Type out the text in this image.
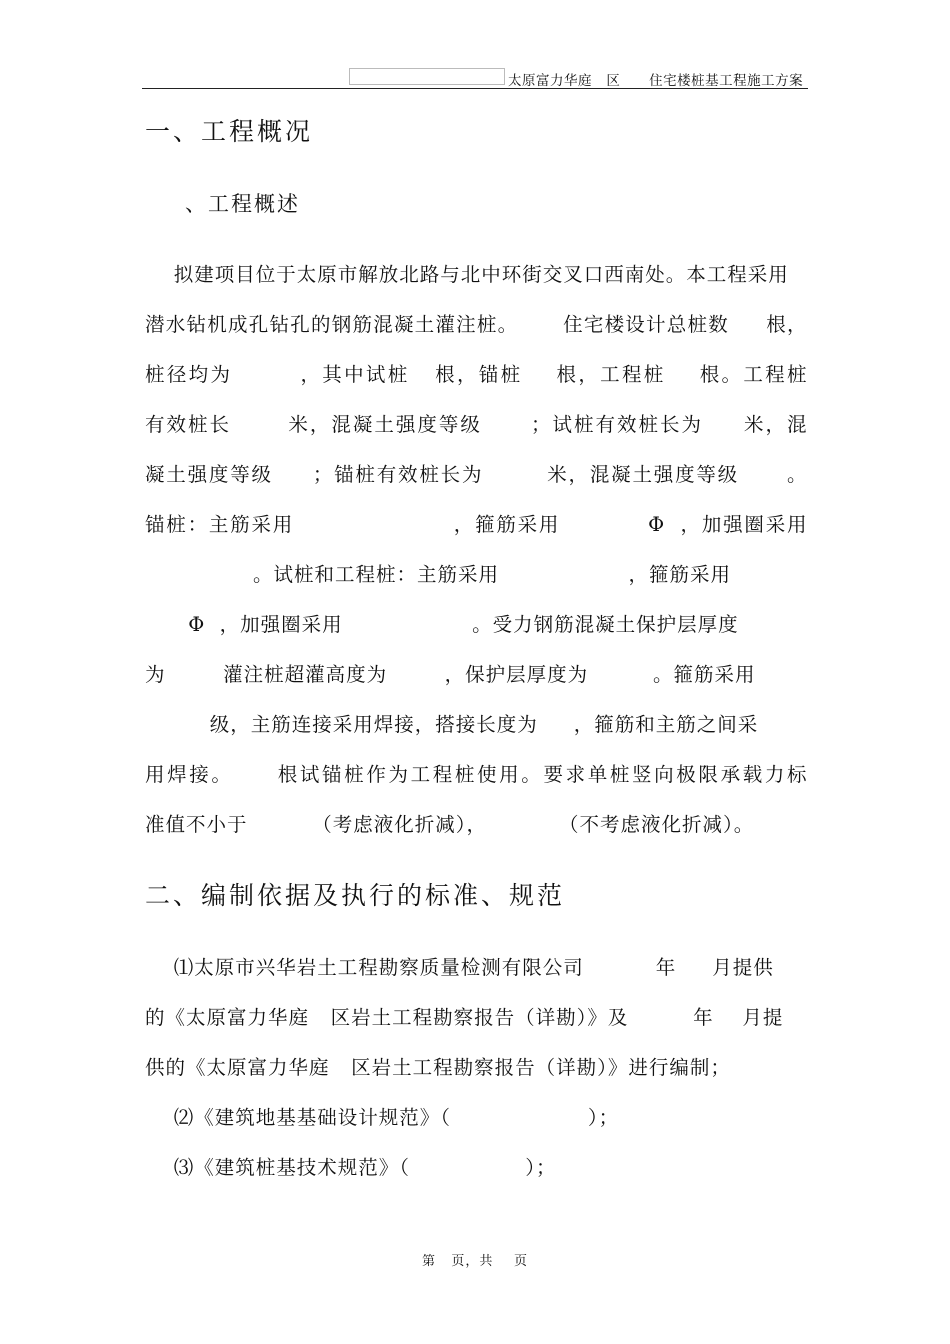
太原富力华庭   区      住宅楼桩基工程施工方案
一、工程概况
、工程概述
拟建项目位于太原市解放北路与北中环街交叉口西南处。本工程采用
潜水钻机成孔钻孔的钢筋混凝土灌注桩。      住宅楼设计总桩数     根，
桩径均为        ，其中试桩   根，锚桩    根，工程桩    根。工程桩
有效桩长       米，混凝土强度等级      ；试桩有效桩长为     米，混
凝土强度等级     ；锚桩有效桩长为        米，混凝土强度等级      。
锚桩：主筋采用                    ，箍筋采用           Φ  ，加强圈采用
。试桩和工程桩：主筋采用                  ，箍筋采用
Φ  ，加强圈采用                  。受力钢筋混凝土保护层厚度
为        灌注桩超灌高度为        ，保护层厚度为         。箍筋采用
级，主筋连接采用焊接，搭接长度为     ，箍筋和主筋之间采
用焊接。     根试锚桩作为工程桩使用。要求单桩竖向极限承载力标
准值不小于         （考虑液化折减），          （不考虑液化折减）。
二、编制依据及执行的标准、规范
⑴太原市兴华岩土工程勘察质量检测有限公司          年     月提供
的《太原富力华庭   区岩土工程勘察报告（详勘）》及         年    月提
供的《太原富力华庭   区岩土工程勘察报告（详勘）》进行编制；
⑵《建筑地基基础设计规范》（                   ）；
⑶《建筑桩基技术规范》（                ）；
第   页，共    页
